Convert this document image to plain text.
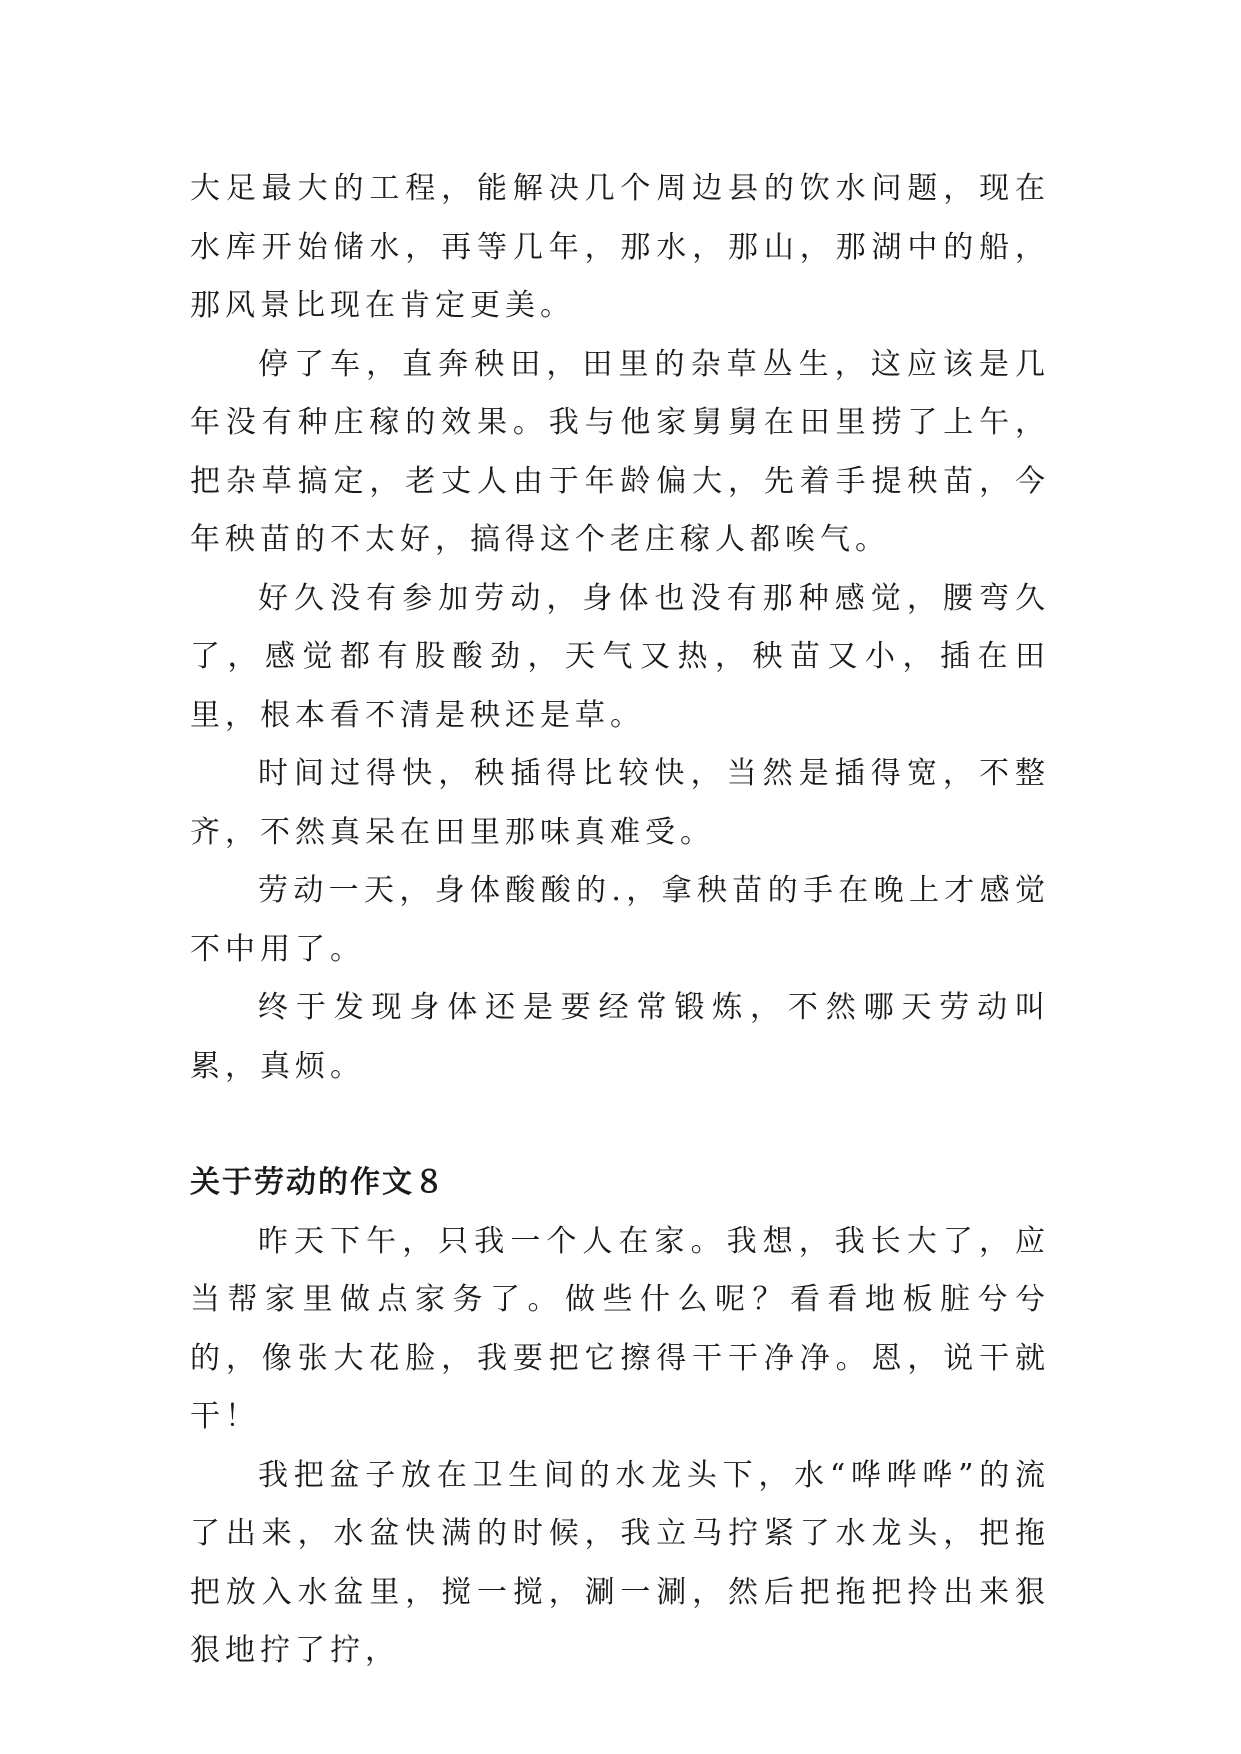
大足最大的工程，能解决几个周边县的饮水问题，现在水库开始储水，再等几年，那水，那山，那湖中的船，那风景比现在肯定更美。

停了车，直奔秧田，田里的杂草丛生，这应该是几年没有种庄稼的效果。我与他家舅舅在田里捞了上午，把杂草搞定，老丈人由于年龄偏大，先着手提秧苗，今年秧苗的不太好，搞得这个老庄稼人都唉气。

好久没有参加劳动，身体也没有那种感觉，腰弯久了，感觉都有股酸劲，天气又热，秧苗又小，插在田里，根本看不清是秧还是草。

时间过得快，秧插得比较快，当然是插得宽，不整齐，不然真呆在田里那味真难受。

劳动一天，身体酸酸的.，拿秧苗的手在晚上才感觉不中用了。

终于发现身体还是要经常锻炼，不然哪天劳动叫累，真烦。

关于劳动的作文８

昨天下午，只我一个人在家。我想，我长大了，应当帮家里做点家务了。做些什么呢？看看地板脏兮兮的，像张大花脸，我要把它擦得干干净净。恩，说干就干！

我把盆子放在卫生间的水龙头下，水“哗哗哗”的流了出来，水盆快满的时候，我立马拧紧了水龙头，把拖把放入水盆里，搅一搅，涮一涮，然后把拖把拎出来狠狠地拧了拧，
